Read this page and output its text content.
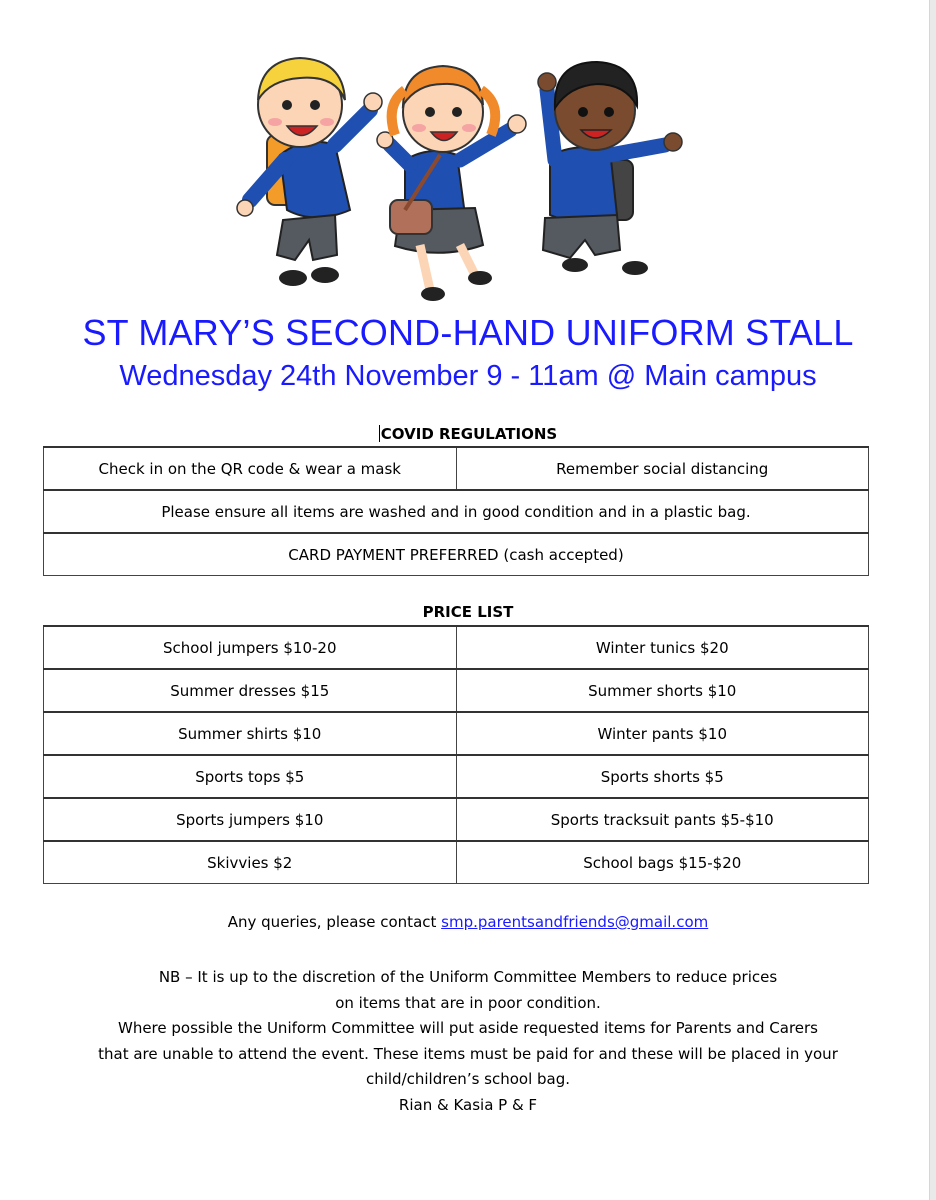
ST MARY’S SECOND-HAND UNIFORM STALL
Wednesday 24th November 9 - 11am @ Main campus
COVID REGULATIONS
Check in on the QR code & wear a mask	Remember social distancing
Please ensure all items are washed and in good condition and in a plastic bag.
CARD PAYMENT PREFERRED (cash accepted)
PRICE LIST
School jumpers $10-20	Winter tunics $20
Summer dresses $15	Summer shorts $10
Summer shirts $10	Winter pants $10
Sports tops $5	Sports shorts $5
Sports jumpers $10	Sports tracksuit pants $5-$10
Skivvies $2	School bags $15-$20
Any queries, please contact smp.parentsandfriends@gmail.com
NB – It is up to the discretion of the Uniform Committee Members to reduce prices
on items that are in poor condition.
Where possible the Uniform Committee will put aside requested items for Parents and Carers
that are unable to attend the event. These items must be paid for and these will be placed in your
child/children’s school bag.
Rian & Kasia P & F
